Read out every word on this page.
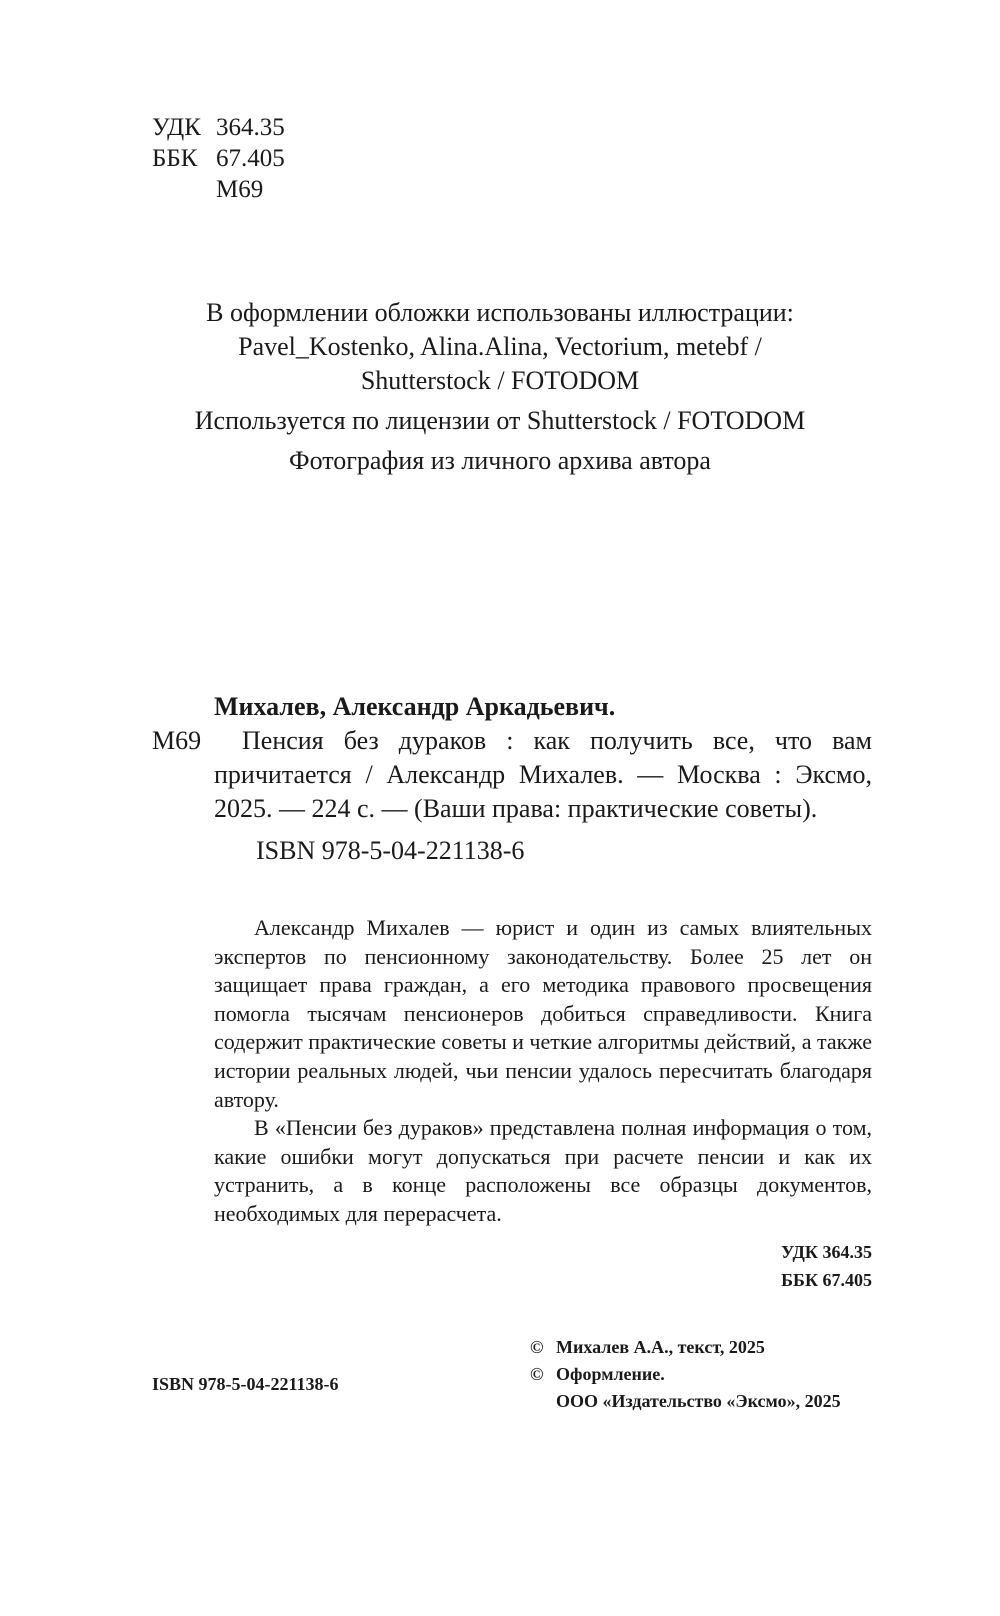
УДК 364.35
ББК 67.405
М69
В оформлении обложки использованы иллюстрации:
Pavel_Kostenko, Alina.Alina, Vectorium, metebf /
Shutterstock / FOTODOM
Используется по лицензии от Shutterstock / FOTODOM
Фотография из личного архива автора
Михалев, Александр Аркадьевич.
М69	Пенсия без дураков : как получить все, что вам причитается / Александр Михалев. — Москва : Эксмо, 2025. — 224 с. — (Ваши права: практические советы).
ISBN 978-5-04-221138-6

Александр Михалев — юрист и один из самых влиятельных экспертов по пенсионному законодательству. Более 25 лет он защищает права граждан, а его методика правового просвещения помогла тысячам пенсионеров добиться справедливости. Книга содержит практические советы и четкие алгоритмы действий, а также истории реальных людей, чьи пенсии удалось пересчитать благодаря автору.

В «Пенсии без дураков» представлена полная информация о том, какие ошибки могут допускаться при расчете пенсии и как их устранить, а в конце расположены все образцы документов, необходимых для перерасчета.

УДК 364.35
ББК 67.405
© Михалев А.А., текст, 2025
© Оформление.
ООО «Издательство «Эксмо», 2025
ISBN 978-5-04-221138-6
